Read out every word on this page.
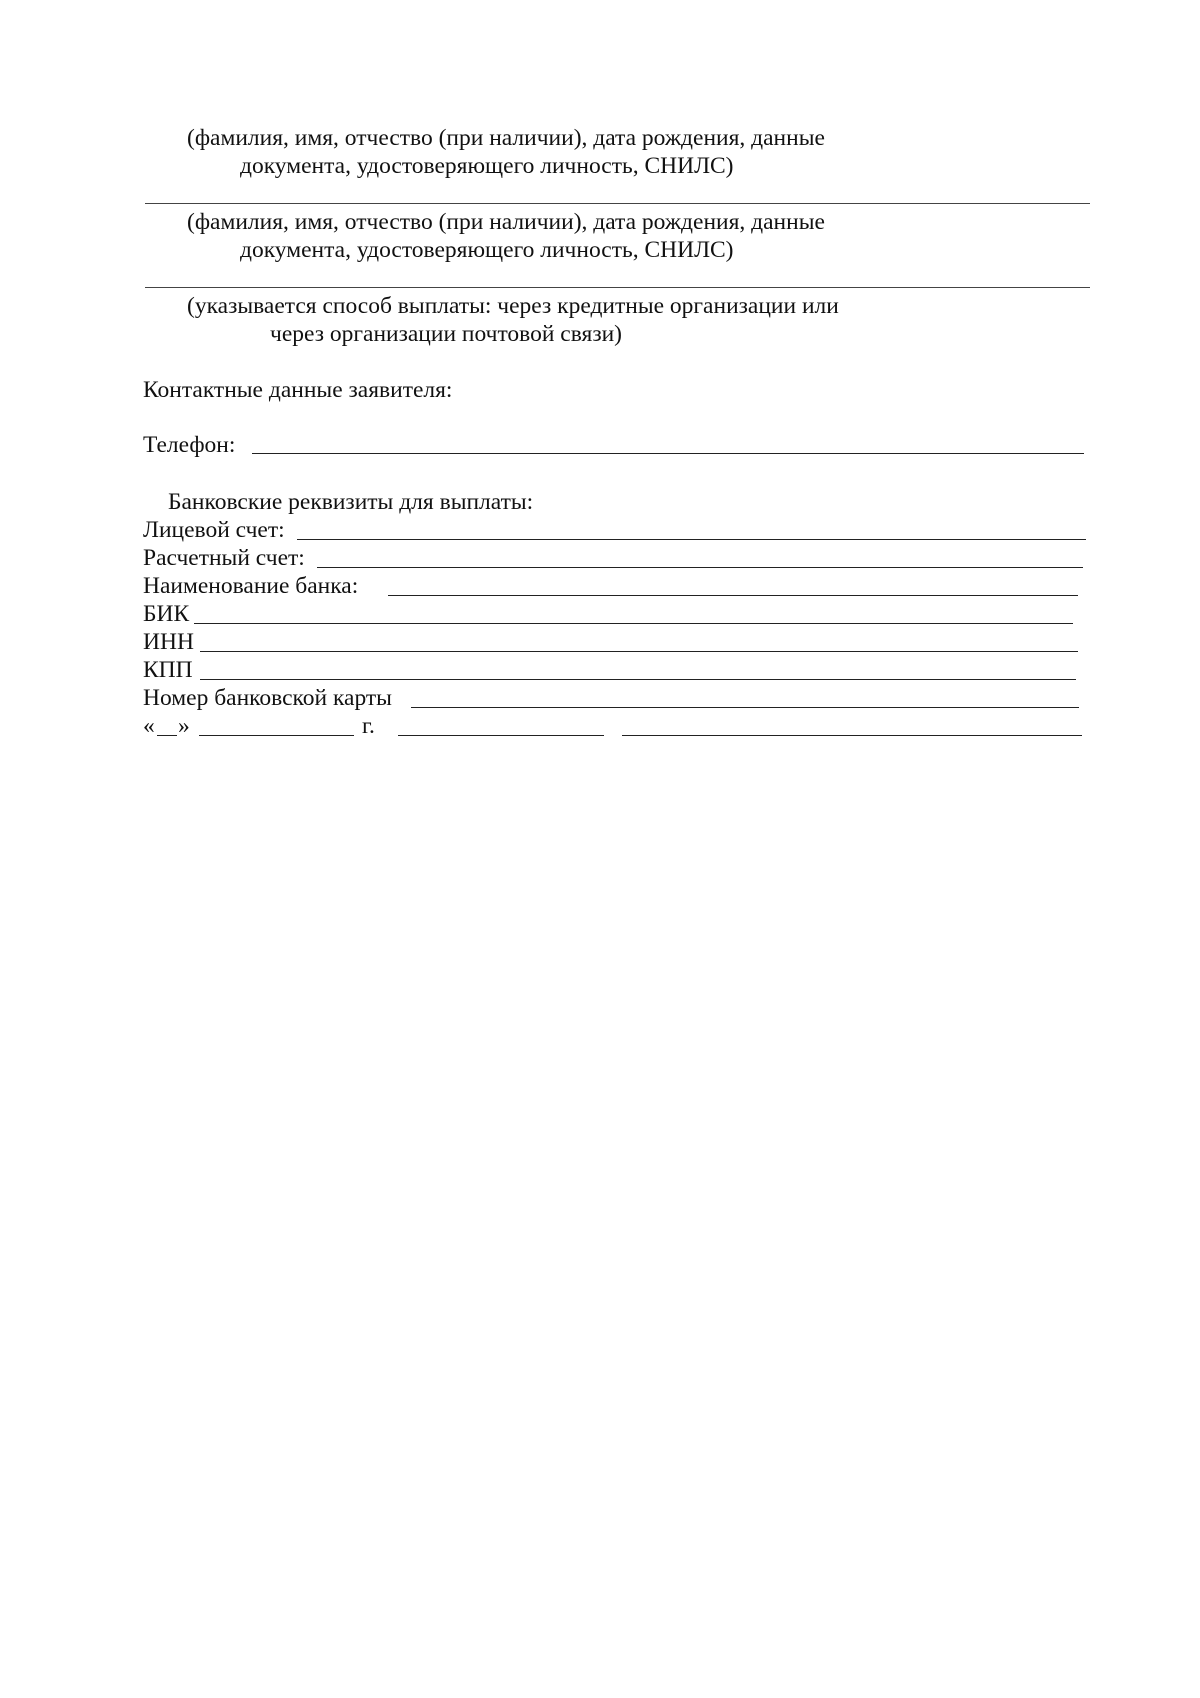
(фамилия, имя, отчество (при наличии), дата рождения, данные
документа, удостоверяющего личность, СНИЛС)
(фамилия, имя, отчество (при наличии), дата рождения, данные
документа, удостоверяющего личность, СНИЛС)
(указывается способ выплаты: через кредитные организации или
через организации почтовой связи)
Контактные данные заявителя:
Телефон:
Банковские реквизиты для выплаты:
Лицевой счет:
Расчетный счет:
Наименование банка:
БИК
ИНН
КПП
Номер банковской карты
« »	г.
